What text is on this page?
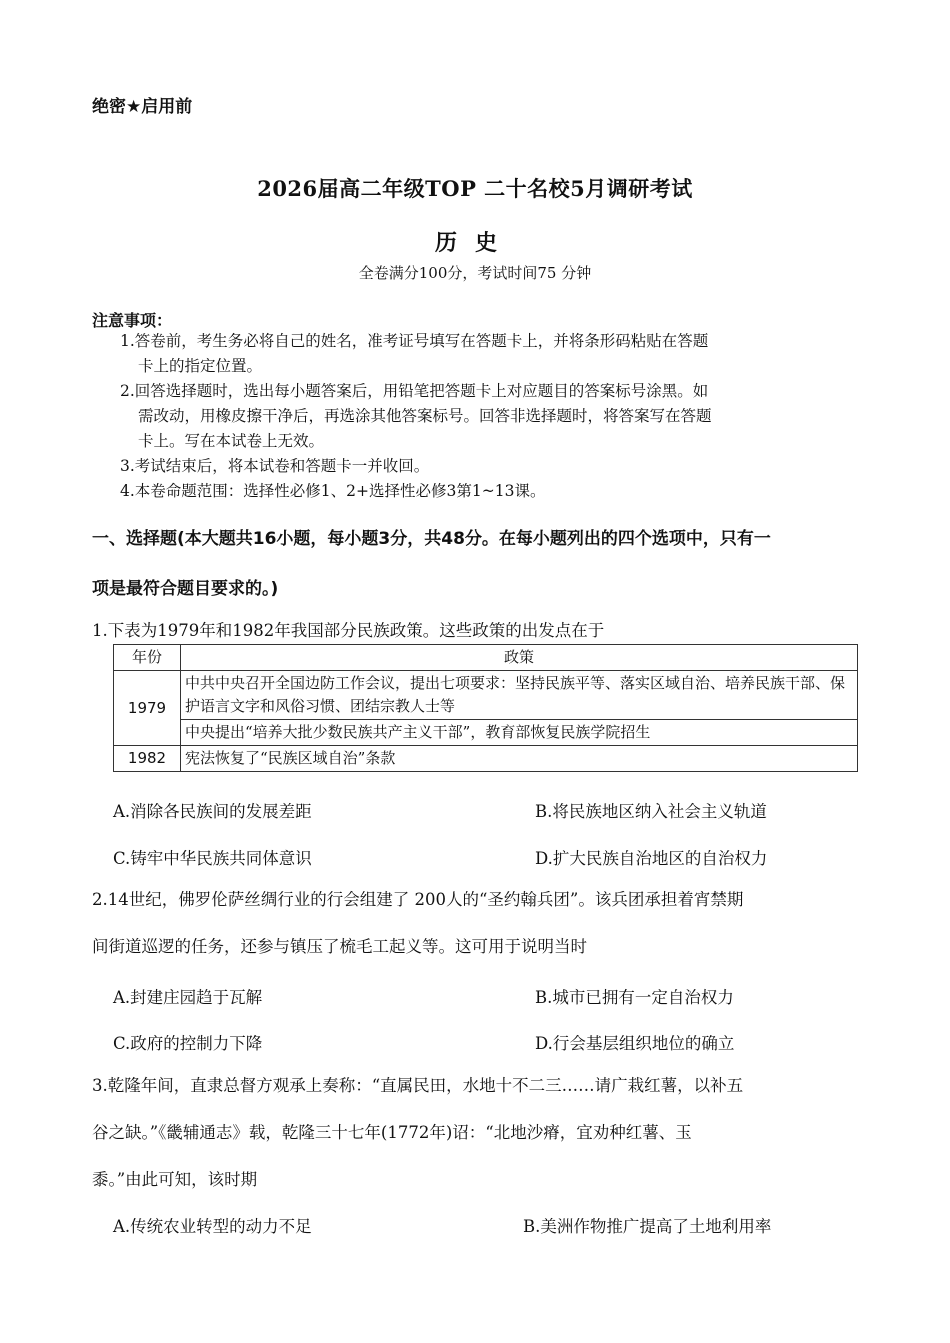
绝密★启用前
2026届高二年级TOP 二十名校5月调研考试
历史
全卷满分100分，考试时间75 分钟
注意事项：
1.答卷前，考生务必将自己的姓名，准考证号填写在答题卡上，并将条形码粘贴在答题
卡上的指定位置。
2.回答选择题时，选出每小题答案后，用铅笔把答题卡上对应题目的答案标号涂黑。如
需改动，用橡皮擦干净后，再选涂其他答案标号。回答非选择题时，将答案写在答题
卡上。写在本试卷上无效。
3.考试结束后，将本试卷和答题卡一并收回。
4.本卷命题范围：选择性必修1、2+选择性必修3第1~13课。
一、选择题(本大题共16小题，每小题3分，共48分。在每小题列出的四个选项中，只有一
项是最符合题目要求的。)
1.下表为1979年和1982年我国部分民族政策。这些政策的出发点在于
年份	政策
1979	中共中央召开全国边防工作会议，提出七项要求：坚持民族平等、落实区域自治、培养民族干部、保护语言文字和风俗习惯、团结宗教人士等
	中央提出“培养大批少数民族共产主义干部”，教育部恢复民族学院招生
1982	宪法恢复了“民族区域自治”条款
A.消除各民族间的发展差距	B.将民族地区纳入社会主义轨道
C.铸牢中华民族共同体意识	D.扩大民族自治地区的自治权力
2.14世纪，佛罗伦萨丝绸行业的行会组建了 200人的“圣约翰兵团”。该兵团承担着宵禁期
间街道巡逻的任务，还参与镇压了梳毛工起义等。这可用于说明当时
A.封建庄园趋于瓦解	B.城市已拥有一定自治权力
C.政府的控制力下降	D.行会基层组织地位的确立
3.乾隆年间，直隶总督方观承上奏称：“直属民田，水地十不二三……请广栽红薯，以补五
谷之缺。”《畿辅通志》载，乾隆三十七年(1772年)诏：“北地沙瘠，宜劝种红薯、玉
黍。”由此可知，该时期
A.传统农业转型的动力不足	B.美洲作物推广提高了土地利用率
